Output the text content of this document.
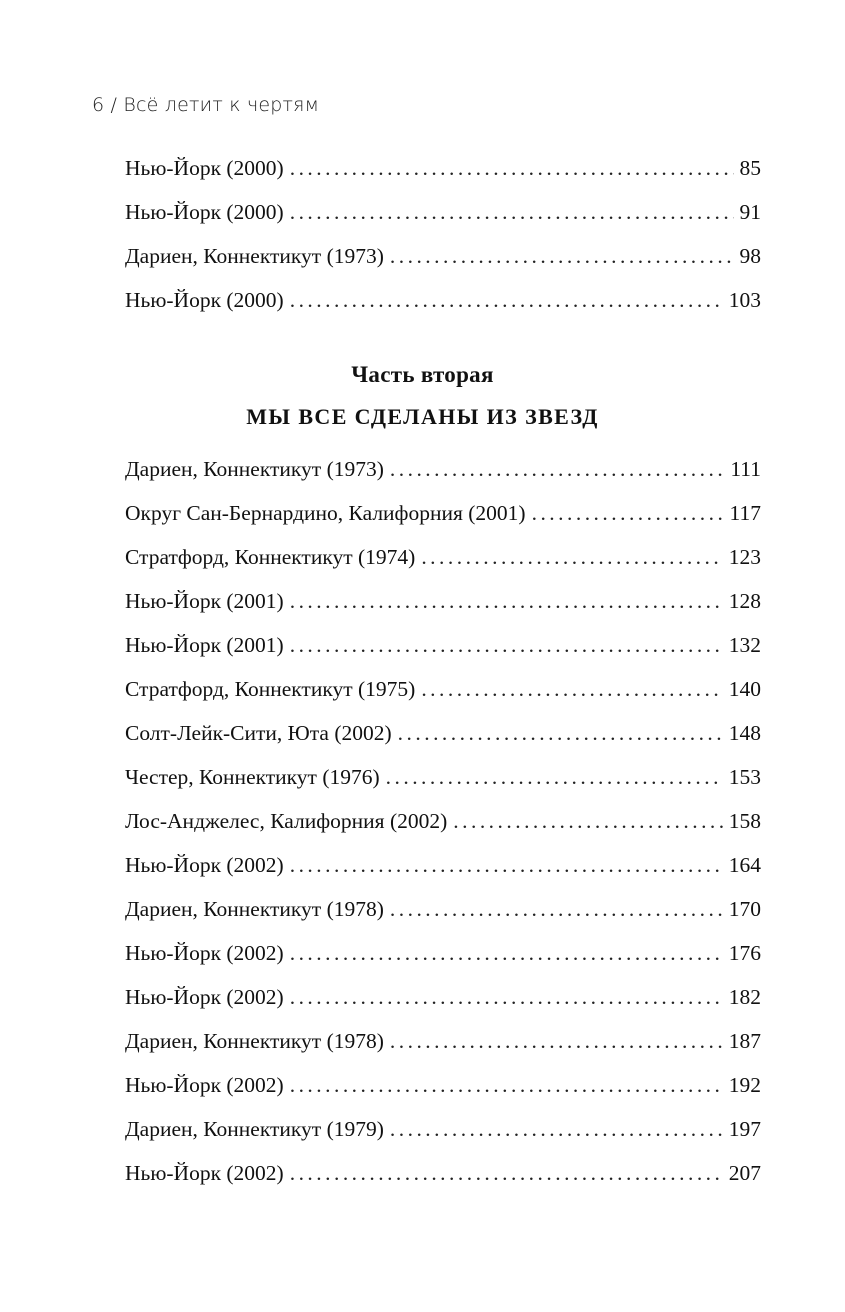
6 / Всё летит к чертям
Нью-Йорк (2000) . . .	85
Нью-Йорк (2000) . . .	91
Дариен, Коннектикут (1973) . . .	98
Нью-Йорк (2000) . . .	103
Часть вторая
МЫ ВСЕ СДЕЛАНЫ ИЗ ЗВЕЗД
Дариен, Коннектикут (1973) . . .	111
Округ Сан-Бернардино, Калифорния (2001) . . .	117
Стратфорд, Коннектикут (1974) . . .	123
Нью-Йорк (2001) . . .	128
Нью-Йорк (2001) . . .	132
Стратфорд, Коннектикут (1975) . . .	140
Солт-Лейк-Сити, Юта (2002) . . .	148
Честер, Коннектикут (1976) . . .	153
Лос-Анджелес, Калифорния (2002) . . .	158
Нью-Йорк (2002) . . .	164
Дариен, Коннектикут (1978) . . .	170
Нью-Йорк (2002) . . .	176
Нью-Йорк (2002) . . .	182
Дариен, Коннектикут (1978) . . .	187
Нью-Йорк (2002) . . .	192
Дариен, Коннектикут (1979) . . .	197
Нью-Йорк (2002) . . .	207
